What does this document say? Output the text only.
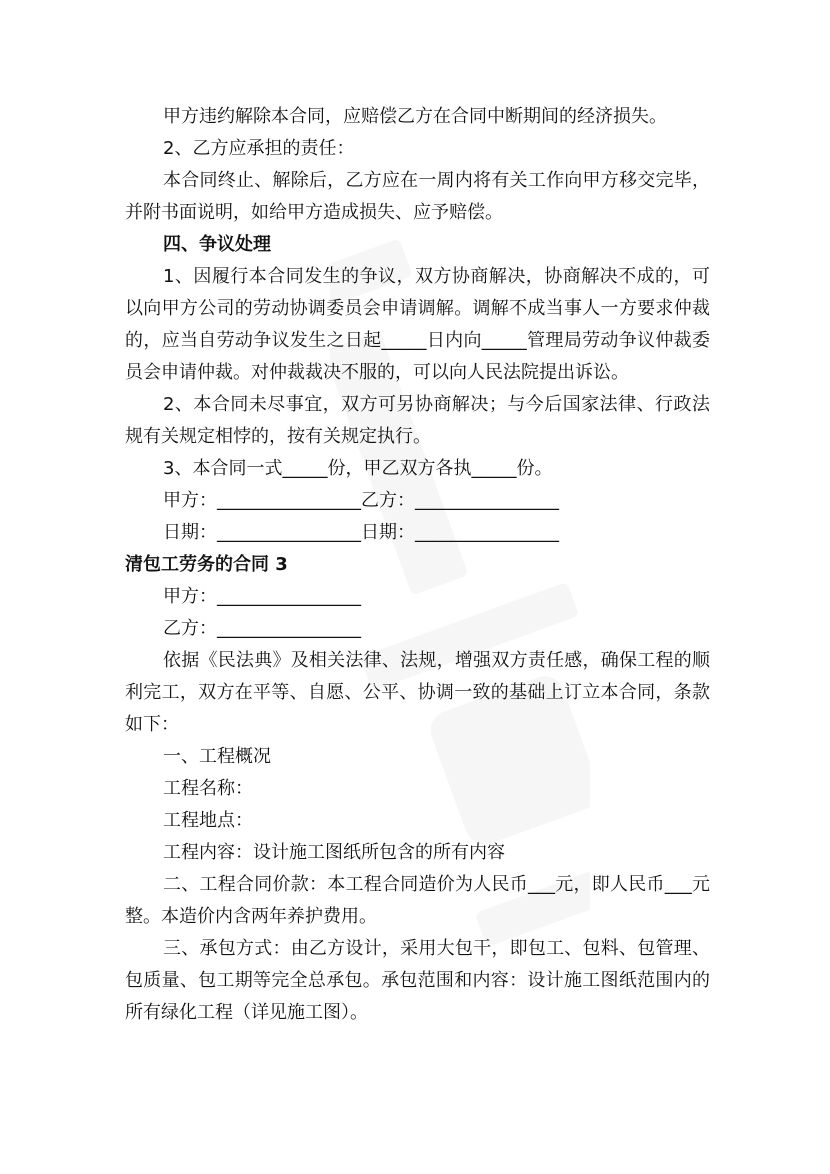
甲方违约解除本合同，应赔偿乙方在合同中断期间的经济损失。

2、乙方应承担的责任：

本合同终止、解除后，乙方应在一周内将有关工作向甲方移交完毕，并附书面说明，如给甲方造成损失、应予赔偿。

四、争议处理

1、因履行本合同发生的争议，双方协商解决，协商解决不成的，可以向甲方公司的劳动协调委员会申请调解。调解不成当事人一方要求仲裁的，应当自劳动争议发生之日起_____日内向_____管理局劳动争议仲裁委员会申请仲裁。对仲裁裁决不服的，可以向人民法院提出诉讼。

2、本合同未尽事宜，双方可另协商解决；与今后国家法律、行政法规有关规定相悖的，按有关规定执行。

3、本合同一式_____份，甲乙双方各执_____份。

甲方：________________乙方：________________

日期：________________日期：________________

清包工劳务的合同 3

甲方：________________

乙方：________________

依据《民法典》及相关法律、法规，增强双方责任感，确保工程的顺利完工，双方在平等、自愿、公平、协调一致的基础上订立本合同，条款如下：

一、工程概况

工程名称：

工程地点：

工程内容：设计施工图纸所包含的所有内容

二、工程合同价款：本工程合同造价为人民币___元，即人民币___元整。本造价内含两年养护费用。

三、承包方式：由乙方设计，采用大包干，即包工、包料、包管理、包质量、包工期等完全总承包。承包范围和内容：设计施工图纸范围内的所有绿化工程（详见施工图）。
